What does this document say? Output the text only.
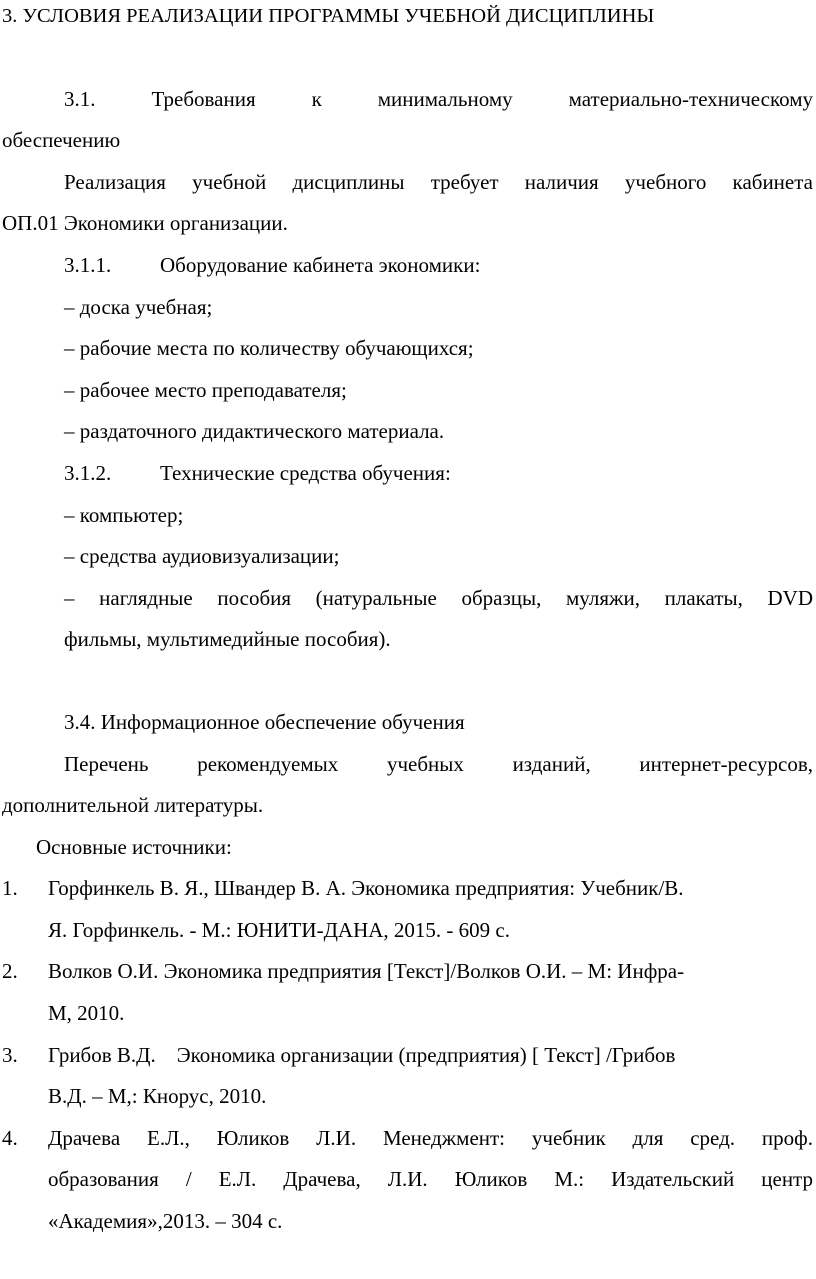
3. УСЛОВИЯ РЕАЛИЗАЦИИ ПРОГРАММЫ УЧЕБНОЙ ДИСЦИПЛИНЫ
3.1. Требования к минимальному материально-техническому
обеспечению
Реализация учебной дисциплины требует наличия учебного кабинета
ОП.01 Экономики организации.
3.1.1.	Оборудование кабинета экономики:
– доска учебная;
– рабочие места по количеству обучающихся;
– рабочее место преподавателя;
– раздаточного дидактического материала.
3.1.2.	Технические средства обучения:
– компьютер;
– средства аудиовизуализации;
– наглядные пособия (натуральные образцы, муляжи, плакаты, DVD
фильмы, мультимедийные пособия).
3.4. Информационное обеспечение обучения
Перечень рекомендуемых учебных изданий, интернет-ресурсов,
дополнительной литературы.
Основные источники:
1. Горфинкель В. Я., Швандер В. А. Экономика предприятия: Учебник/В.
Я. Горфинкель. - М.: ЮНИТИ-ДАНА, 2015. - 609 с.
2. Волков О.И. Экономика предприятия [Текст]/Волков О.И. – М: Инфра-
М, 2010.
3. Грибов В.Д.    Экономика организации (предприятия) [ Текст] /Грибов
В.Д. – М,: Кнорус, 2010.
4. Драчева Е.Л., Юликов Л.И. Менеджмент: учебник для сред. проф.
образования / Е.Л. Драчева, Л.И. Юликов М.: Издательский центр
«Академия»,2013. – 304 с.
